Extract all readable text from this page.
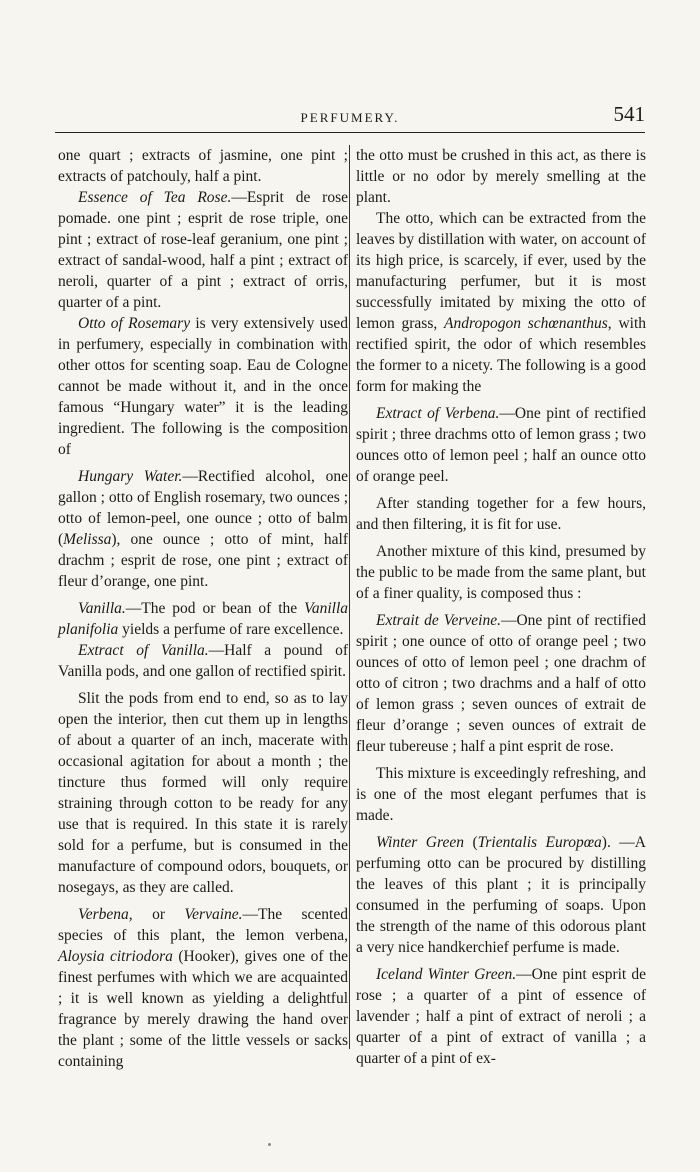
PERFUMERY.	541

one quart ; extracts of jasmine, one pint ; extracts of patchouly, half a pint.

Essence of Tea Rose.—Esprit de rose pomade. one pint ; esprit de rose triple, one pint ; extract of rose-leaf geranium, one pint ; extract of sandal-wood, half a pint ; extract of neroli, quarter of a pint ; extract of orris, quarter of a pint.

Otto of Rosemary is very extensively used in perfumery, especially in combination with other ottos for scenting soap. Eau de Cologne cannot be made without it, and in the once famous “Hungary water” it is the leading ingredient. The following is the composition of

Hungary Water.—Rectified alcohol, one gallon ; otto of English rosemary, two ounces ; otto of lemon-peel, one ounce ; otto of balm (Melissa), one ounce ; otto of mint, half drachm ; esprit de rose, one pint ; extract of fleur d’orange, one pint.

Vanilla.—The pod or bean of the Vanilla planifolia yields a perfume of rare excellence.

Extract of Vanilla.—Half a pound of Vanilla pods, and one gallon of rectified spirit.

Slit the pods from end to end, so as to lay open the interior, then cut them up in lengths of about a quarter of an inch, macerate with occasional agitation for about a month ; the tincture thus formed will only require straining through cotton to be ready for any use that is required. In this state it is rarely sold for a perfume, but is consumed in the manufacture of compound odors, bouquets, or nosegays, as they are called.

Verbena, or Vervaine.—The scented species of this plant, the lemon verbena, Aloysia citriodora (Hooker), gives one of the finest perfumes with which we are acquainted ; it is well known as yielding a delightful fragrance by merely drawing the hand over the plant ; some of the little vessels or sacks containing

the otto must be crushed in this act, as there is little or no odor by merely smelling at the plant.

The otto, which can be extracted from the leaves by distillation with water, on account of its high price, is scarcely, if ever, used by the manufacturing perfumer, but it is most successfully imitated by mixing the otto of lemon grass, Andropogon schœnanthus, with rectified spirit, the odor of which resembles the former to a nicety. The following is a good form for making the

Extract of Verbena.—One pint of rectified spirit ; three drachms otto of lemon grass ; two ounces otto of lemon peel ; half an ounce otto of orange peel.

After standing together for a few hours, and then filtering, it is fit for use.

Another mixture of this kind, presumed by the public to be made from the same plant, but of a finer quality, is composed thus :

Extrait de Verveine.—One pint of rectified spirit ; one ounce of otto of orange peel ; two ounces of otto of lemon peel ; one drachm of otto of citron ; two drachms and a half of otto of lemon grass ; seven ounces of extrait de fleur d’orange ; seven ounces of extrait de fleur tubereuse ; half a pint esprit de rose.

This mixture is exceedingly refreshing, and is one of the most elegant perfumes that is made.

Winter Green (Trientalis Europœa). —A perfuming otto can be procured by distilling the leaves of this plant ; it is principally consumed in the perfuming of soaps. Upon the strength of the name of this odorous plant a very nice handkerchief perfume is made.

Iceland Winter Green.—One pint esprit de rose ; a quarter of a pint of essence of lavender ; half a pint of extract of neroli ; a quarter of a pint of extract of vanilla ; a quarter of a pint of ex-
